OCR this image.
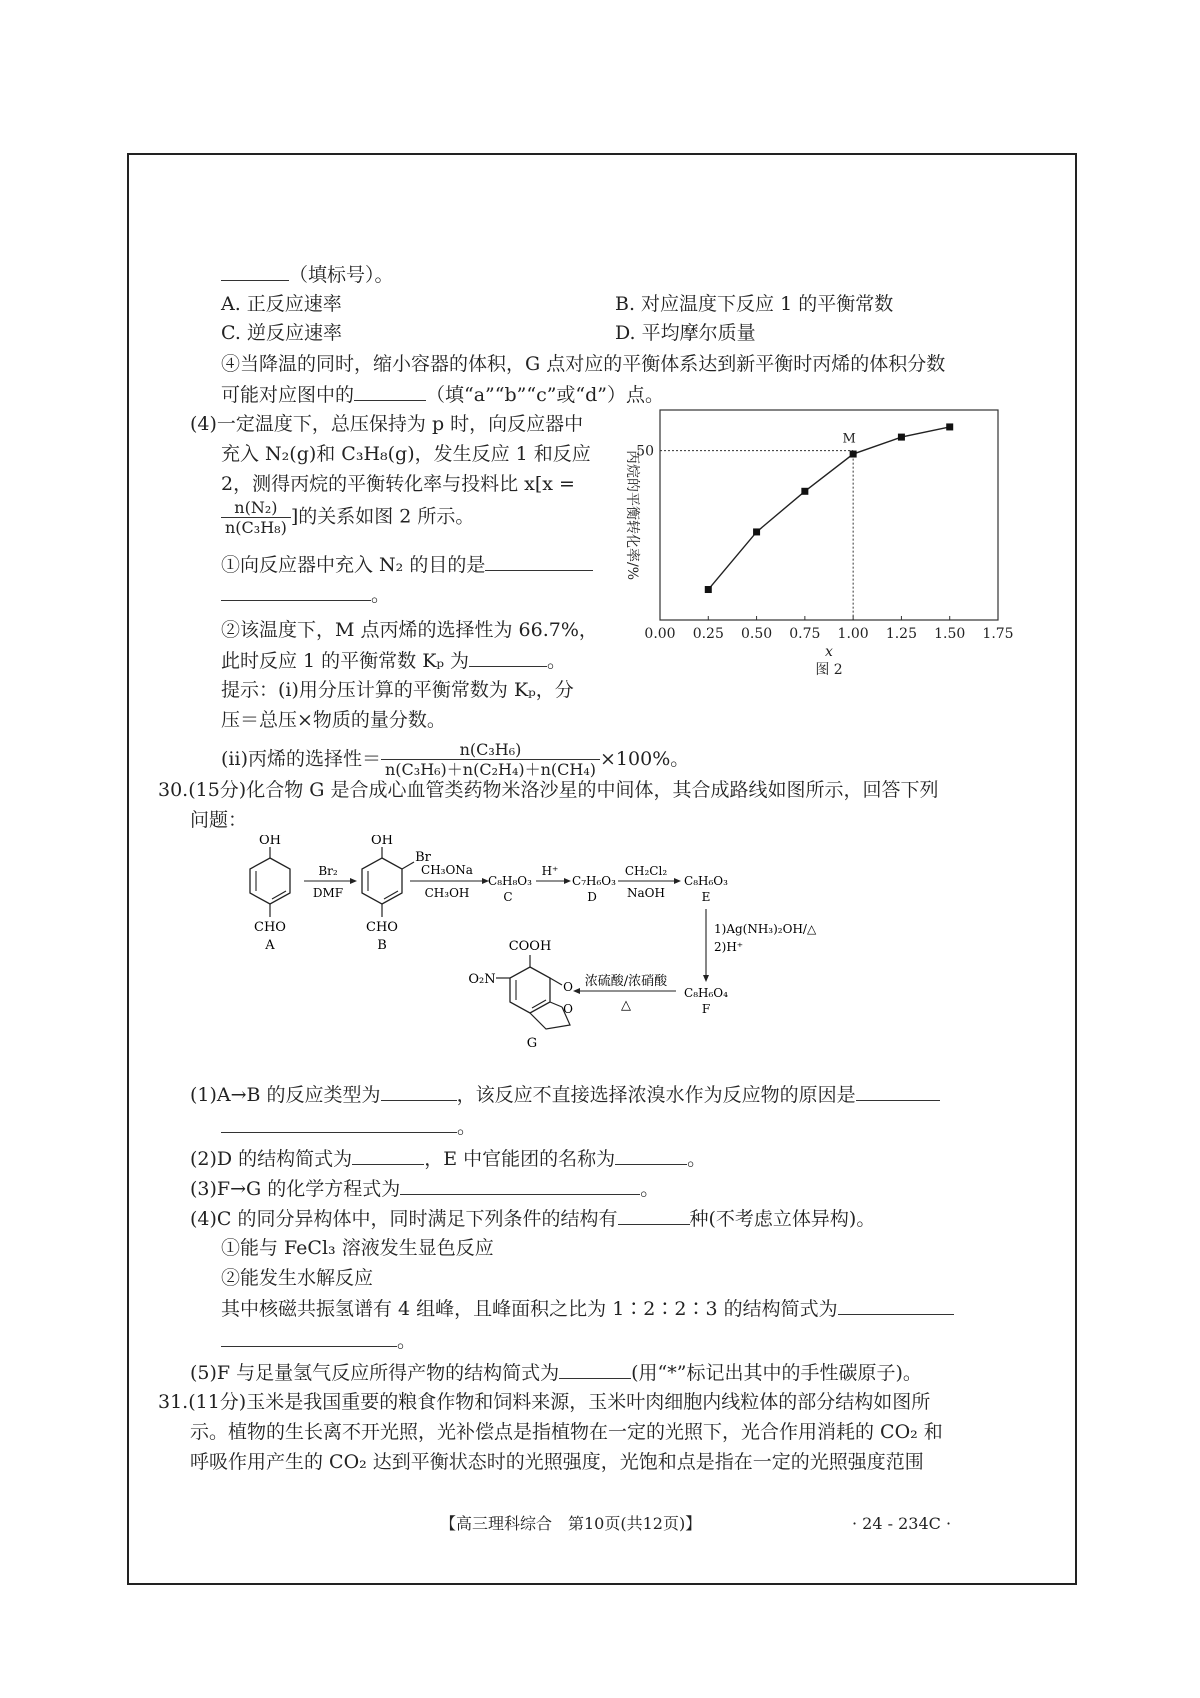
（填标号）。
A. 正反应速率	B. 对应温度下反应 1 的平衡常数
C. 逆反应速率	D. 平均摩尔质量
④当降温的同时，缩小容器的体积，G 点对应的平衡体系达到新平衡时丙烯的体积分数
可能对应图中的	（填“a”“b”“c”或“d”）点。
(4)一定温度下，总压保持为 p 时，向反应器中
充入 N₂(g)和 C₃H₈(g)，发生反应 1 和反应
2，测得丙烷的平衡转化率与投料比 x[x =
$\frac{\text{n(N₂)}}{\text{n(C₃H₈)}}$ ]的关系如图 2 所示。
①向反应器中充入 N₂ 的目的是
。
②该温度下，M 点丙烯的选择性为 66.7%，
此时反应 1 的平衡常数 Kₚ 为	。
提示：(ⅰ)用分压计算的平衡常数为 Kₚ，分
压＝总压×物质的量分数。
(ⅱ)丙烯的选择性＝ $\frac{\text{n(C₃H₆)}}{\text{n(C₃H₆)＋n(C₂H₄)＋n(CH₄)}} \times 100\%$。
0.00 0.25 0.50 0.75 1.00 1.25 1.50 1.75
50
M
丙烷的平衡转化率/%
x
图 2
30.(15分)化合物 G 是合成心血管类药物米洛沙星的中间体，其合成路线如图所示，回答下列
问题：
OH
CHO
A
Br₂
DMF
OH
Br
CHO
B
CH₃ONa
CH₃OH
C₈H₈O₃
C
H⁺
C₇H₆O₃
D
CH₂Cl₂
NaOH
C₈H₆O₃
E
1)Ag(NH₃)₂OH/△
2)H⁺
C₈H₆O₄
F
浓硫酸/浓硝酸
△
COOH
O₂N	O
O
G
(1)A→B 的反应类型为	，该反应不直接选择浓溴水作为反应物的原因是
。
(2)D 的结构简式为	，E 中官能团的名称为	。
(3)F→G 的化学方程式为	。
(4)C 的同分异构体中，同时满足下列条件的结构有	种(不考虑立体异构)。
①能与 FeCl₃ 溶液发生显色反应
②能发生水解反应
其中核磁共振氢谱有 4 组峰，且峰面积之比为 1∶2∶2∶3 的结构简式为
。
(5)F 与足量氢气反应所得产物的结构简式为	(用“*”标记出其中的手性碳原子)。
31.(11分)玉米是我国重要的粮食作物和饲料来源，玉米叶肉细胞内线粒体的部分结构如图所
示。植物的生长离不开光照，光补偿点是指植物在一定的光照下，光合作用消耗的 CO₂ 和
呼吸作用产生的 CO₂ 达到平衡状态时的光照强度，光饱和点是指在一定的光照强度范围
【高三理科综合　第10页(共12页)】	· 24 - 234C ·
